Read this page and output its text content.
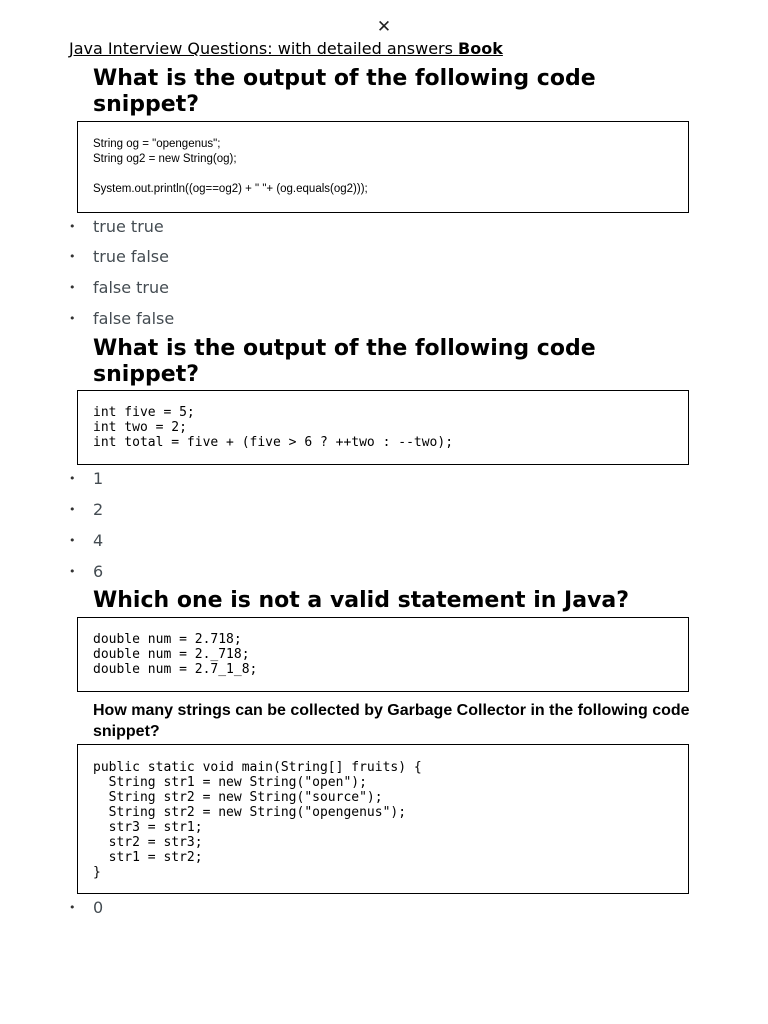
✕
Java Interview Questions: with detailed answers Book
What is the output of the following code snippet?
String og = "opengenus";
String og2 = new String(og);
System.out.println((og==og2) + " "+ (og.equals(og2)));
• true true
• true false
• false true
• false false
What is the output of the following code snippet?
int five = 5;
int two = 2;
int total = five + (five > 6 ? ++two : --two);
• 1
• 2
• 4
• 6
Which one is not a valid statement in Java?
double num = 2.718;
double num = 2._718;
double num = 2.7_1_8;
How many strings can be collected by Garbage Collector in the following code snippet?
public static void main(String[] fruits) {
String str1 = new String("open");
String str2 = new String("source");
String str2 = new String("opengenus");
str3 = str1;
str2 = str3;
str1 = str2;
}
• 0
